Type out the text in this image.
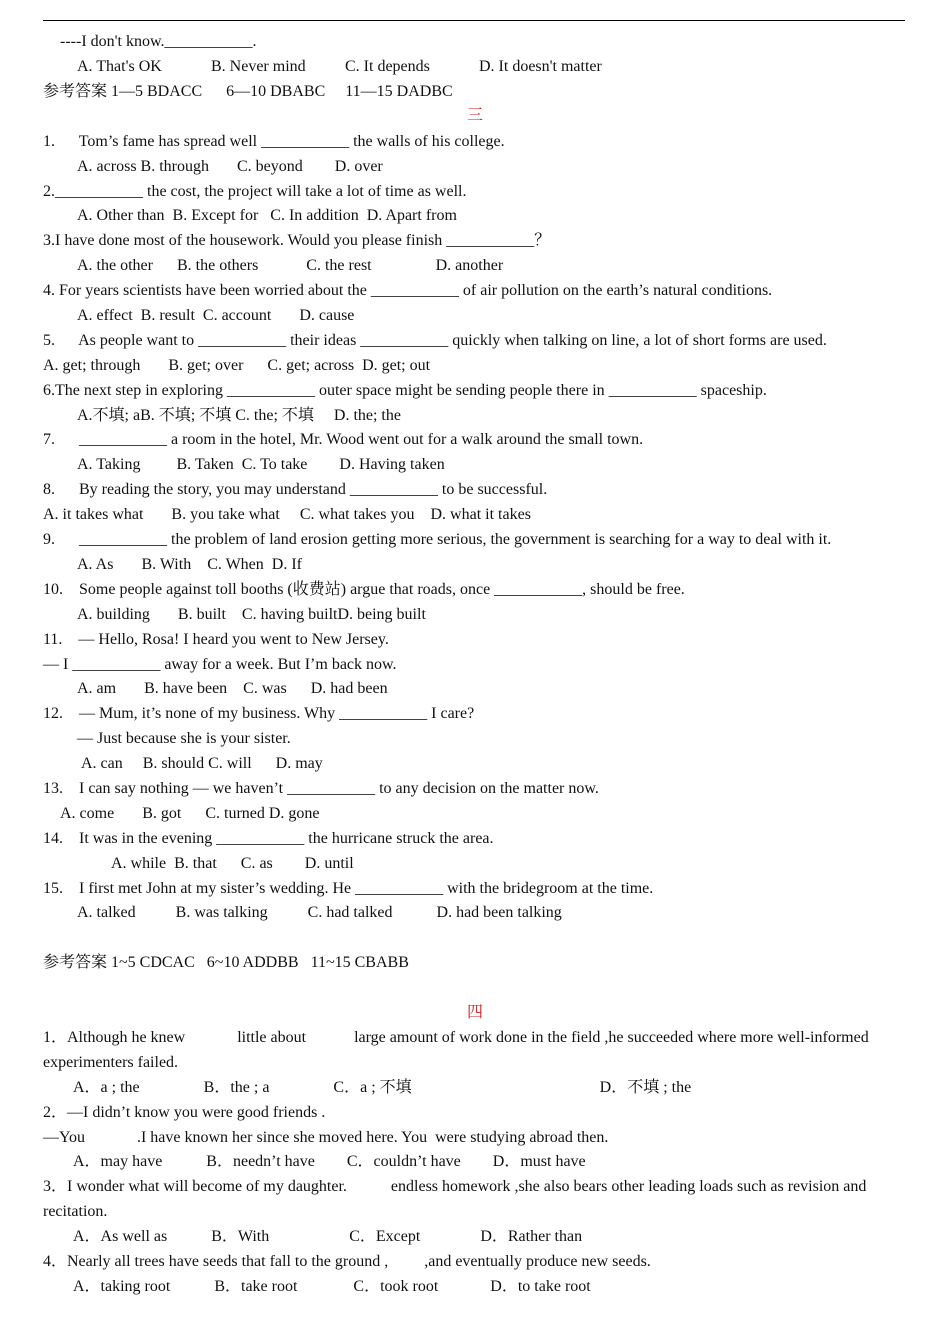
----I don't know.___________.
A. That's OK	B. Never mind C. It depends	D. It doesn't matter
参考答案 1—5 BDACC      6—10 DBABC     11—15 DADBC
三
1.      Tom’s fame has spread well ___________ the walls of his college.
A. across B. through       C. beyond        D. over
2.___________ the cost, the project will take a lot of time as well.
A. Other than  B. Except for   C. In addition  D. Apart from
3.I have done most of the housework. Would you please finish ___________？
A. the other      B. the others            C. the rest                D. another
4. For years scientists have been worried about the ___________ of air pollution on the earth’s natural conditions.
A. effect  B. result  C. account       D. cause
5.      As people want to ___________ their ideas ___________ quickly when talking on line, a lot of short forms are used.
A. get; through       B. get; over      C. get; across  D. get; out
6.The next step in exploring ___________ outer space might be sending people there in ___________ spaceship.
A.不填; aB. 不填; 不填 C. the; 不填     D. the; the
7.      ___________ a room in the hotel, Mr. Wood went out for a walk around the small town.
A. Taking         B. Taken  C. To take        D. Having taken
8.      By reading the story, you may understand ___________ to be successful.
A. it takes what       B. you take what     C. what takes you    D. what it takes
9.      ___________ the problem of land erosion getting more serious, the government is searching for a way to deal with it.
A. As       B. With    C. When  D. If
10.    Some people against toll booths (收费站) argue that roads, once ___________, should be free.
A. building       B. built    C. having builtD. being built
11.    — Hello, Rosa! I heard you went to New Jersey.
— I ___________ away for a week. But I’m back now.
A. am       B. have been    C. was      D. had been
12.    — Mum, it’s none of my business. Why ___________ I care?
— Just because she is your sister.
A. can     B. should C. will      D. may
13.    I can say nothing — we haven’t ___________ to any decision on the matter now.
A. come       B. got      C. turned D. gone
14.    It was in the evening ___________ the hurricane struck the area.
A. while  B. that      C. as        D. until
15.    I first met John at my sister’s wedding. He ___________ with the bridegroom at the time.
A. talked          B. was talking          C. had talked           D. had been talking
参考答案 1~5 CDCAC   6~10 ADDBB   11~15 CBABB
四
1．Although he knew             little about            large amount of work done in the field ,he succeeded where more well-informed
experimenters failed.
A．a ; the                B．the ; a                C．a ; 不填                                               D．不填 ; the
2．—I didn’t know you were good friends .
—You             .I have known her since she moved here. You  were studying abroad then.
A．may have           B．needn’t have        C．couldn’t have        D．must have
3．I wonder what will become of my daughter.           endless homework ,she also bears other leading loads such as revision and
recitation.
A．As well as           B．With                    C．Except               D．Rather than
4．Nearly all trees have seeds that fall to the ground ,         ,and eventually produce new seeds.
A．taking root           B．take root              C．took root             D．to take root
